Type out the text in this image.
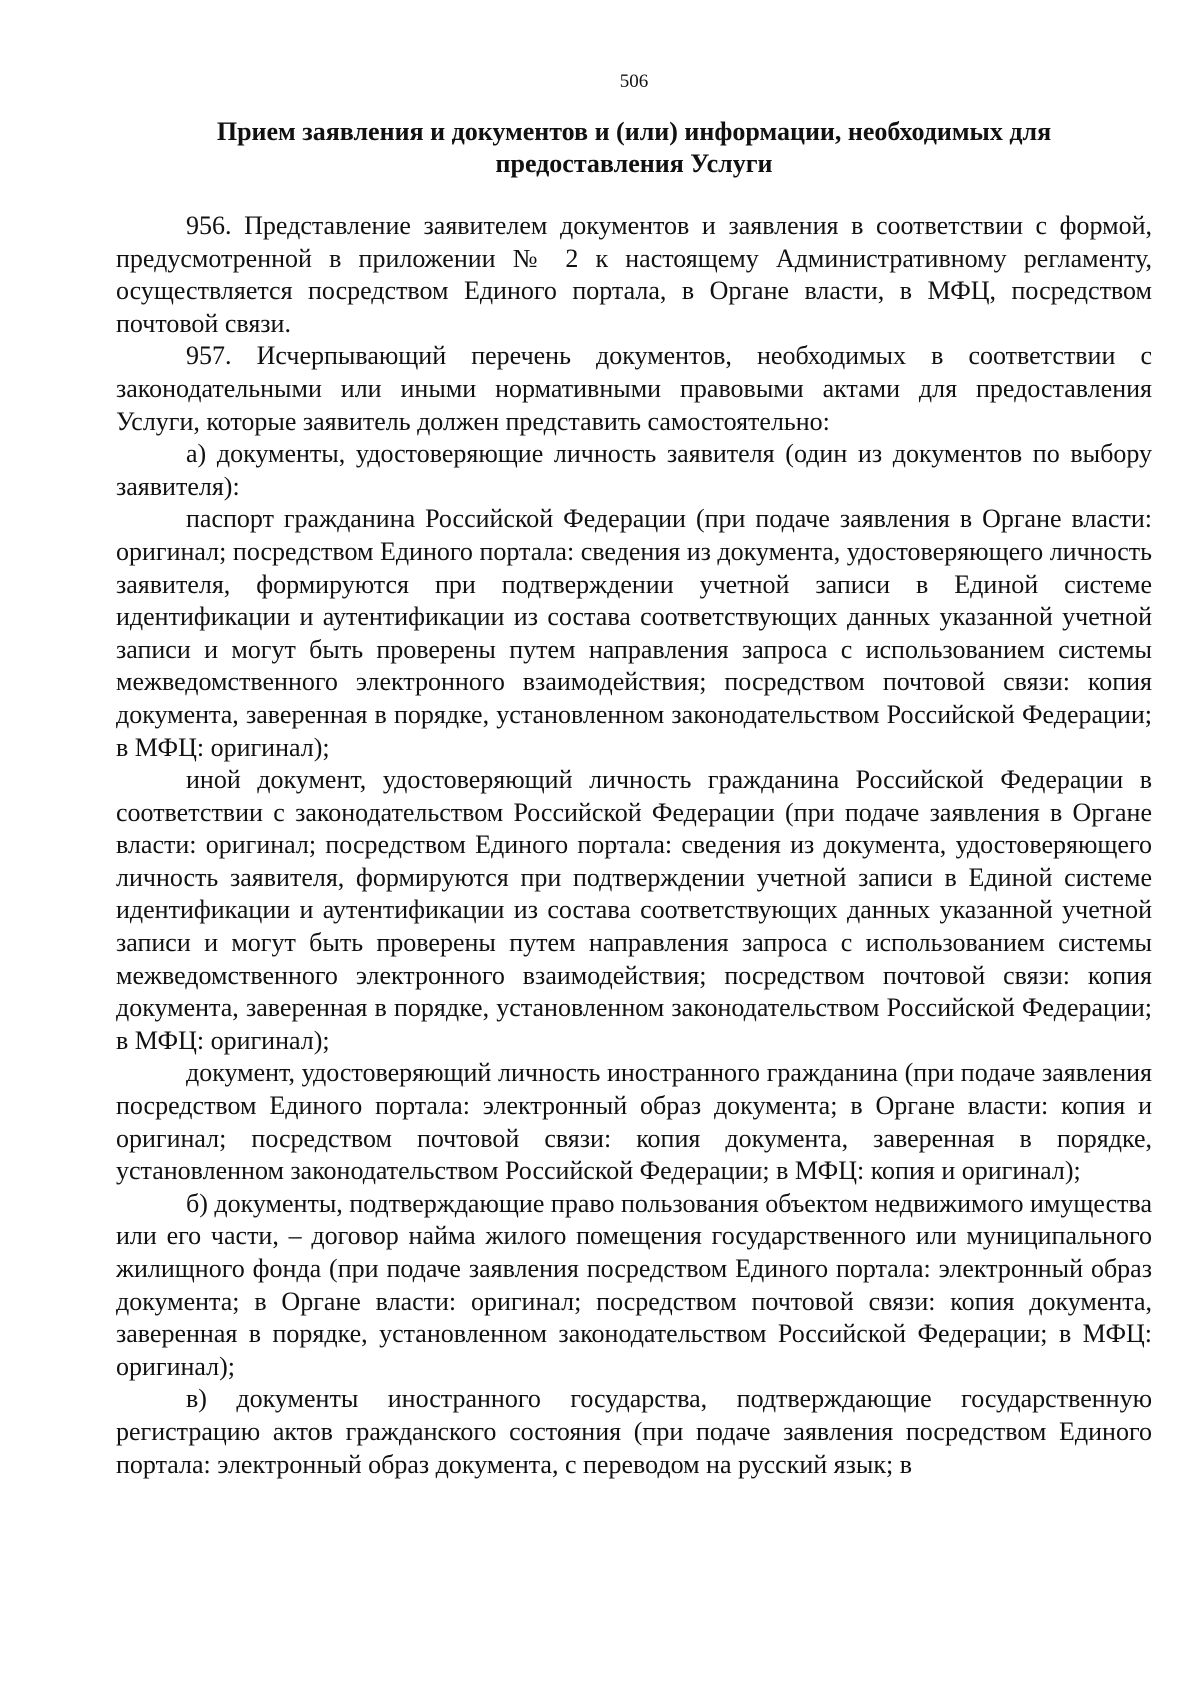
506
Прием заявления и документов и (или) информации, необходимых для
предоставления Услуги

956. Представление заявителем документов и заявления в соответствии с формой, предусмотренной в приложении № 2 к настоящему Административному регламенту, осуществляется посредством Единого портала, в Органе власти, в МФЦ, посредством почтовой связи.

957. Исчерпывающий перечень документов, необходимых в соответствии с законодательными или иными нормативными правовыми актами для предоставления Услуги, которые заявитель должен представить самостоятельно:

а) документы, удостоверяющие личность заявителя (один из документов по выбору заявителя):

паспорт гражданина Российской Федерации (при подаче заявления в Органе власти: оригинал; посредством Единого портала: сведения из документа, удостоверяющего личность заявителя, формируются при подтверждении учетной записи в Единой системе идентификации и аутентификации из состава соответствующих данных указанной учетной записи и могут быть проверены путем направления запроса с использованием системы межведомственного электронного взаимодействия; посредством почтовой связи: копия документа, заверенная в порядке, установленном законодательством Российской Федерации; в МФЦ: оригинал);

иной документ, удостоверяющий личность гражданина Российской Федерации в соответствии с законодательством Российской Федерации (при подаче заявления в Органе власти: оригинал; посредством Единого портала: сведения из документа, удостоверяющего личность заявителя, формируются при подтверждении учетной записи в Единой системе идентификации и аутентификации из состава соответствующих данных указанной учетной записи и могут быть проверены путем направления запроса с использованием системы межведомственного электронного взаимодействия; посредством почтовой связи: копия документа, заверенная в порядке, установленном законодательством Российской Федерации; в МФЦ: оригинал);

документ, удостоверяющий личность иностранного гражданина (при подаче заявления посредством Единого портала: электронный образ документа; в Органе власти: копия и оригинал; посредством почтовой связи: копия документа, заверенная в порядке, установленном законодательством Российской Федерации; в МФЦ: копия и оригинал);

б) документы, подтверждающие право пользования объектом недвижимого имущества или его части, – договор найма жилого помещения государственного или муниципального жилищного фонда (при подаче заявления посредством Единого портала: электронный образ документа; в Органе власти: оригинал; посредством почтовой связи: копия документа, заверенная в порядке, установленном законодательством Российской Федерации; в МФЦ: оригинал);

в) документы иностранного государства, подтверждающие государственную регистрацию актов гражданского состояния (при подаче заявления посредством Единого портала: электронный образ документа, с переводом на русский язык; в
